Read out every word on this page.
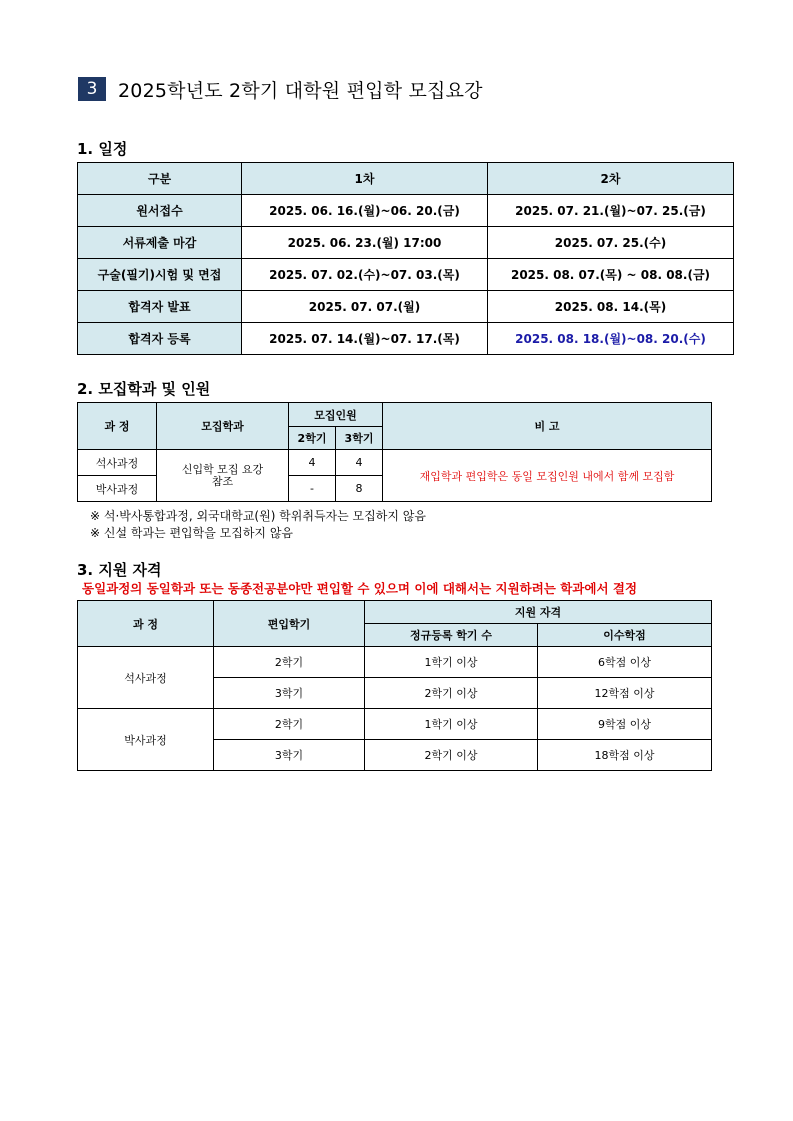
3	2025학년도 2학기 대학원 편입학 모집요강
1. 일정
구분	1차	2차
원서접수	2025. 06. 16.(월)~06. 20.(금)	2025. 07. 21.(월)~07. 25.(금)
서류제출 마감	2025. 06. 23.(월) 17:00	2025. 07. 25.(수)
구술(필기)시험 및 면접	2025. 07. 02.(수)~07. 03.(목)	2025. 08. 07.(목) ~ 08. 08.(금)
합격자 발표	2025. 07. 07.(월)	2025. 08. 14.(목)
합격자 등록	2025. 07. 14.(월)~07. 17.(목)	2025. 08. 18.(월)~08. 20.(수)
2. 모집학과 및 인원
과 정	모집학과	모집인원		비 고
		2학기	3학기	
석사과정	신입학 모집 요강 참조	4	4	재입학과 편입학은 동일 모집인원 내에서 함께 모집함
박사과정		-	8	
※ 석·박사통합과정, 외국대학교(원) 학위취득자는 모집하지 않음
※ 신설 학과는 편입학을 모집하지 않음
3. 지원 자격
동일과정의 동일학과 또는 동종전공분야만 편입할 수 있으며 이에 대해서는 지원하려는 학과에서 결정
과 정	편입학기	지원 자격	
		정규등록 학기 수	이수학점
석사과정	2학기	1학기 이상	6학점 이상
	3학기	2학기 이상	12학점 이상
박사과정	2학기	1학기 이상	9학점 이상
	3학기	2학기 이상	18학점 이상
